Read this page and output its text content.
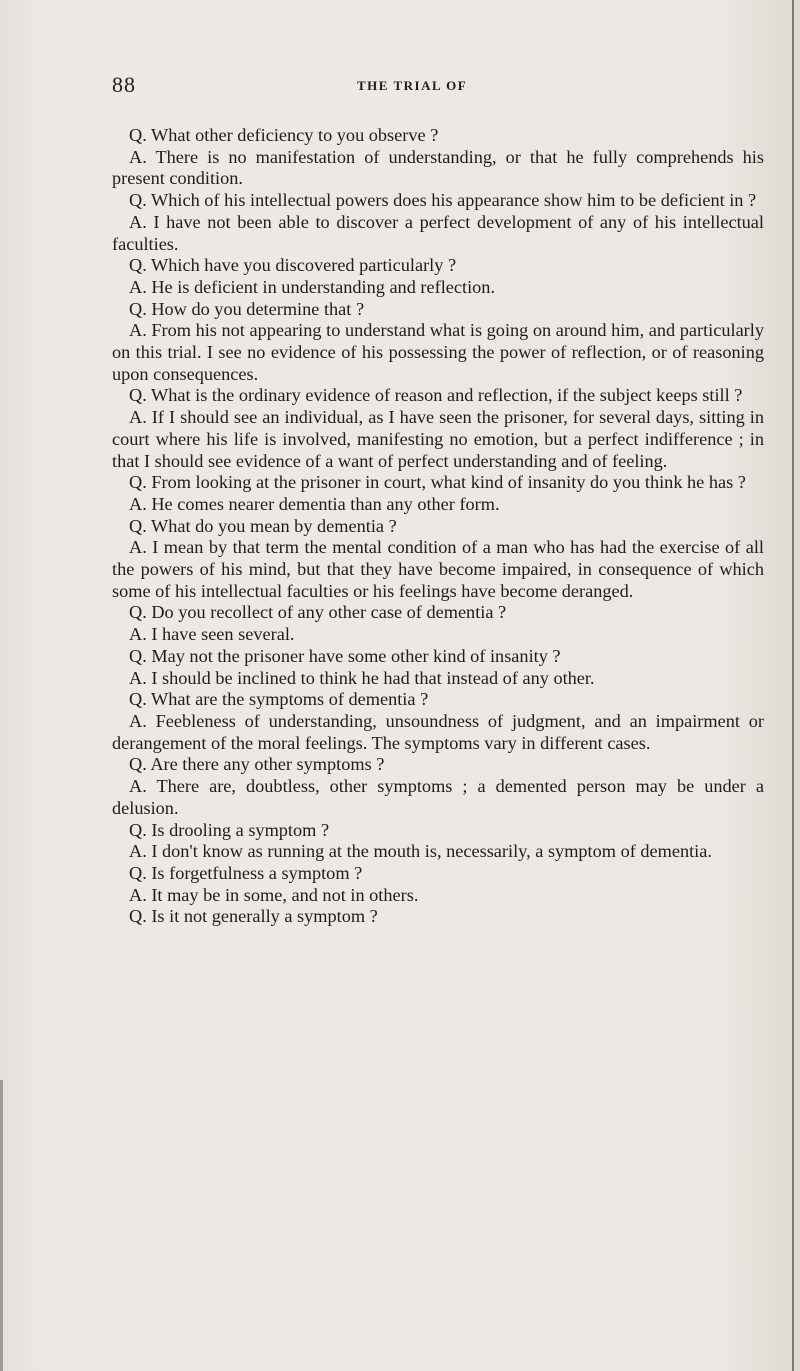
88	THE TRIAL OF

Q. What other deficiency to you observe ?

A. There is no manifestation of understanding, or that he fully comprehends his present condition.

Q. Which of his intellectual powers does his appearance show him to be deficient in ?

A. I have not been able to discover a perfect development of any of his intellectual faculties.

Q. Which have you discovered particularly ?

A. He is deficient in understanding and reflection.

Q. How do you determine that ?

A. From his not appearing to understand what is going on around him, and particularly on this trial. I see no evidence of his possessing the power of reflection, or of reasoning upon consequences.

Q. What is the ordinary evidence of reason and reflection, if the subject keeps still ?

A. If I should see an individual, as I have seen the prisoner, for several days, sitting in court where his life is involved, manifesting no emotion, but a perfect indifference ; in that I should see evidence of a want of perfect understanding and of feeling.

Q. From looking at the prisoner in court, what kind of insanity do you think he has ?

A. He comes nearer dementia than any other form.

Q. What do you mean by dementia ?

A. I mean by that term the mental condition of a man who has had the exercise of all the powers of his mind, but that they have become impaired, in consequence of which some of his intellectual faculties or his feelings have become deranged.

Q. Do you recollect of any other case of dementia ?

A. I have seen several.

Q. May not the prisoner have some other kind of insanity ?

A. I should be inclined to think he had that instead of any other.

Q. What are the symptoms of dementia ?

A. Feebleness of understanding, unsoundness of judgment, and an impairment or derangement of the moral feelings. The symptoms vary in different cases.

Q. Are there any other symptoms ?

A. There are, doubtless, other symptoms ; a demented person may be under a delusion.

Q. Is drooling a symptom ?

A. I don't know as running at the mouth is, necessarily, a symptom of dementia.

Q. Is forgetfulness a symptom ?

A. It may be in some, and not in others.

Q. Is it not generally a symptom ?
